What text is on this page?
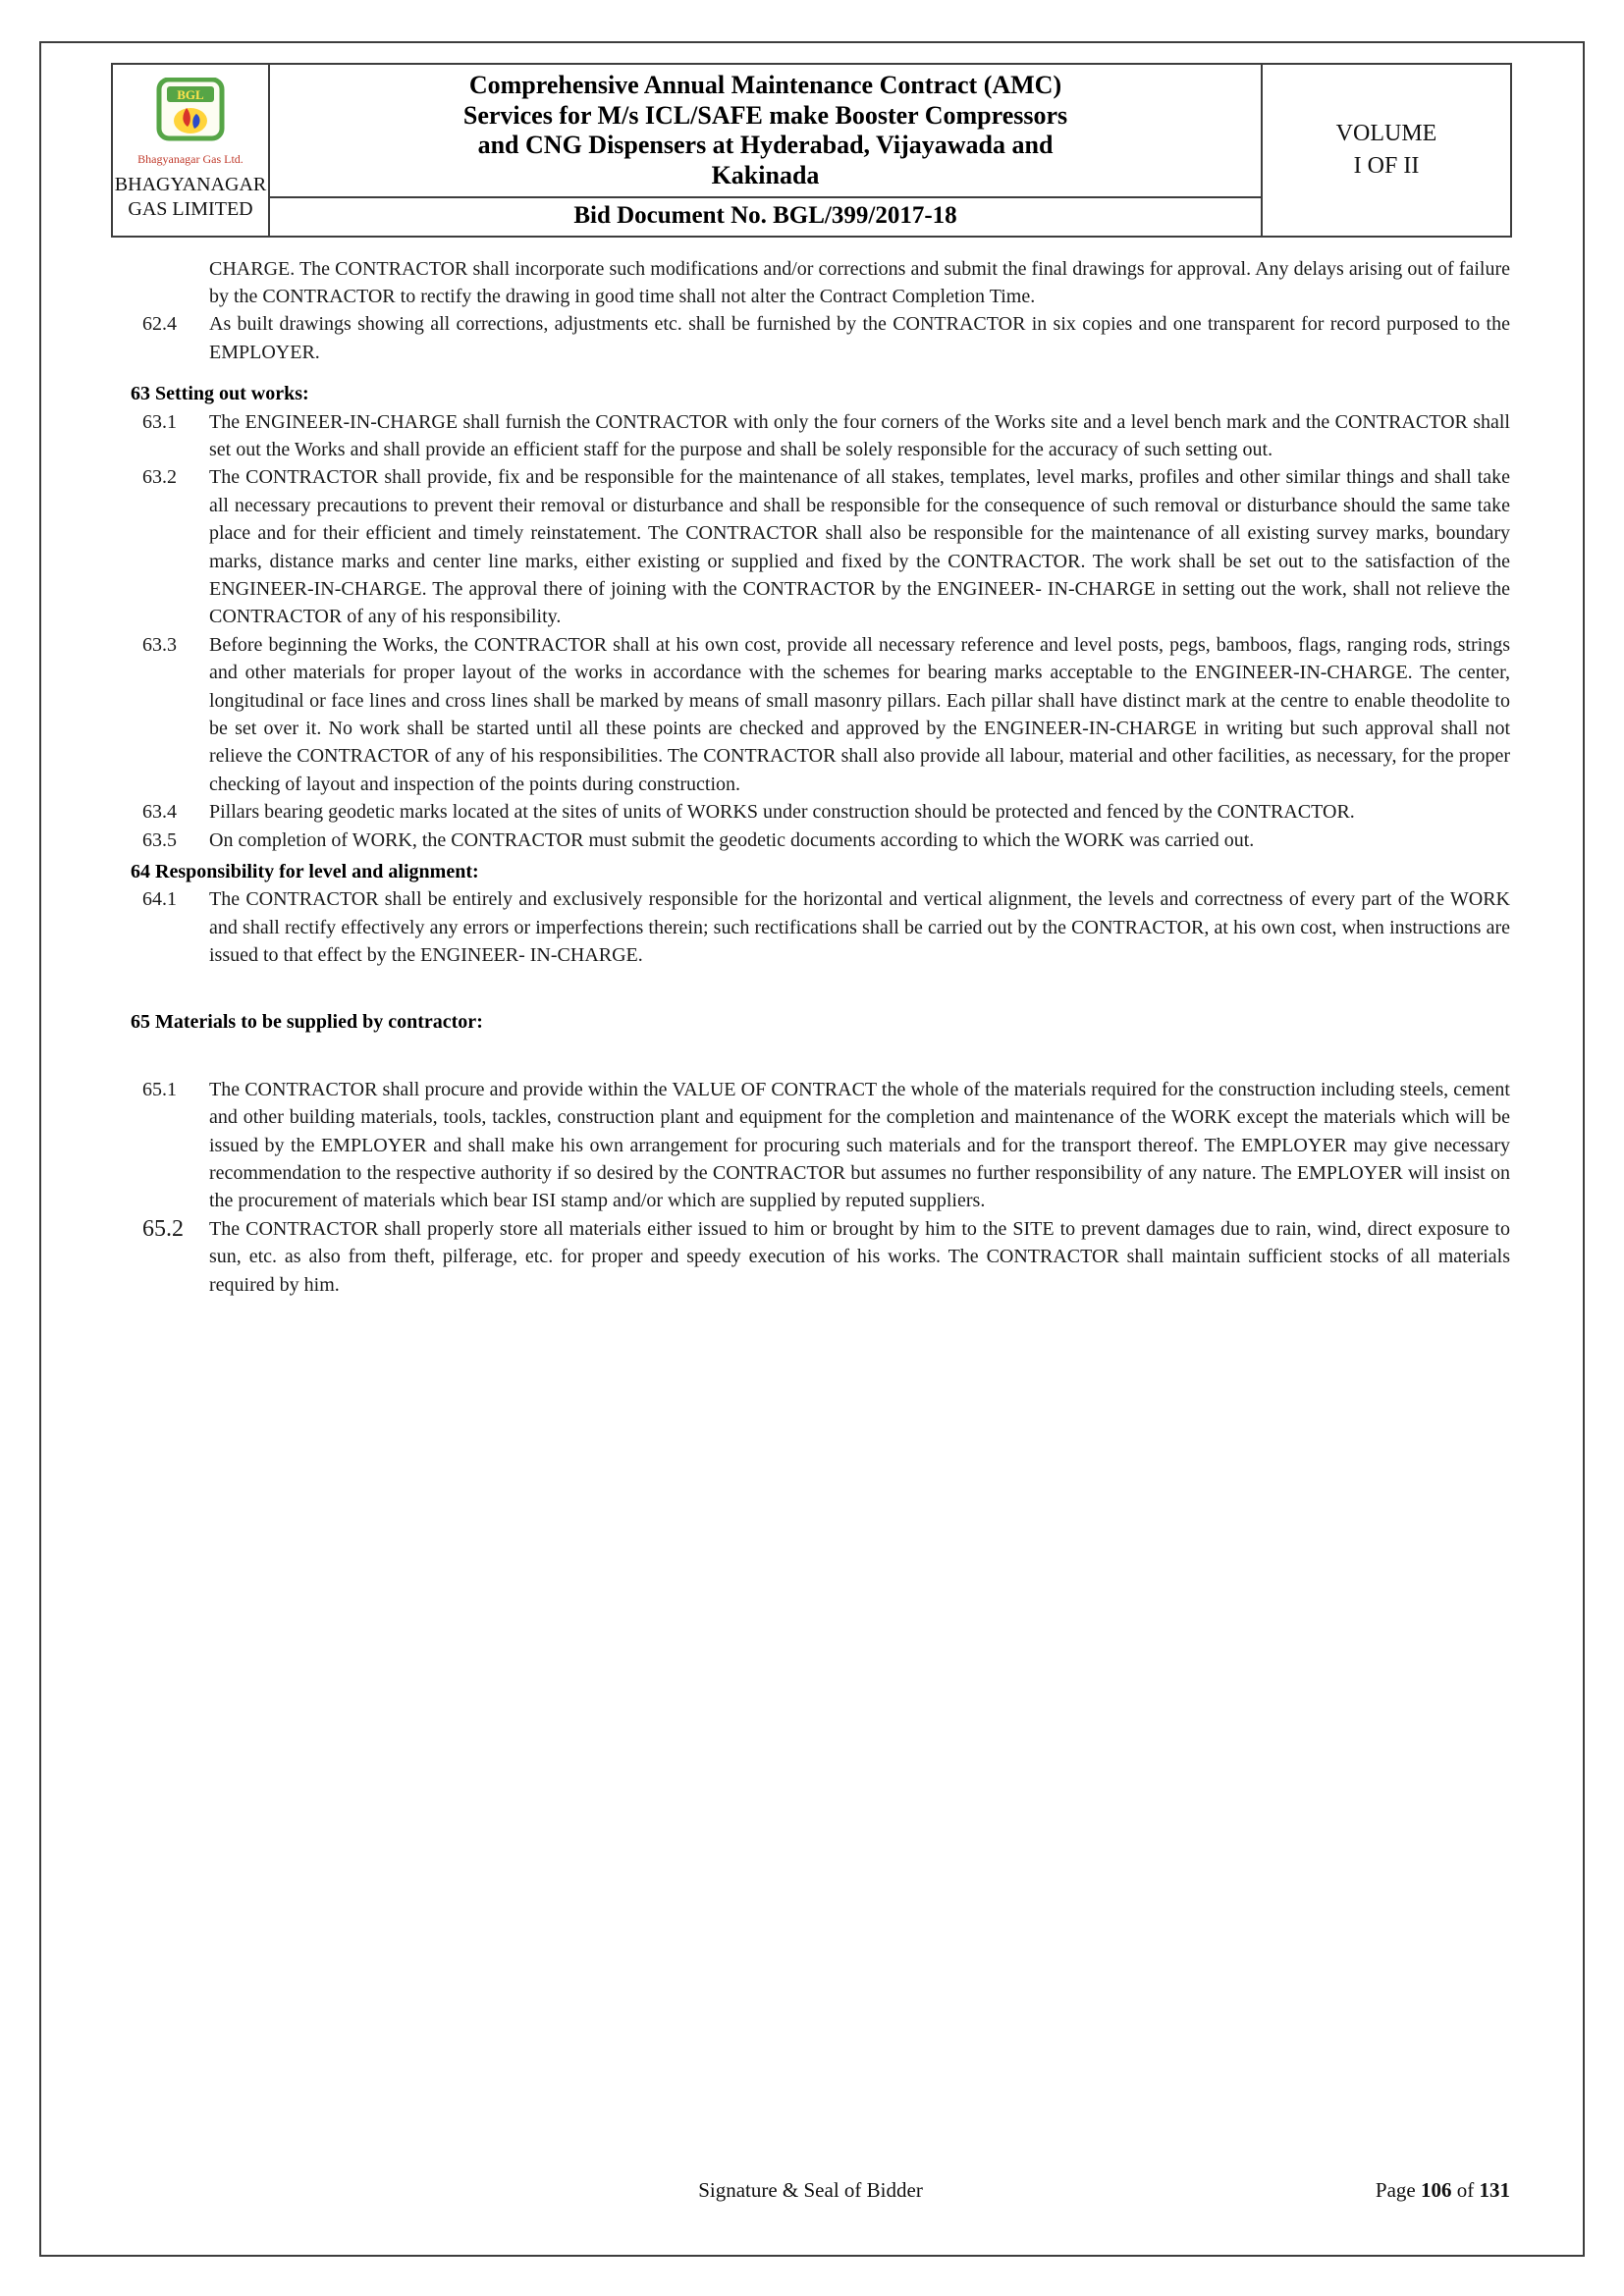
BGL
Bhagyanagar Gas Ltd.
BHAGYANAGAR
GAS LIMITED
Comprehensive Annual Maintenance Contract (AMC)
Services for M/s ICL/SAFE make Booster Compressors
and CNG Dispensers at Hyderabad, Vijayawada and
Kakinada
Bid Document No. BGL/399/2017-18
VOLUME
I OF II
CHARGE. The CONTRACTOR shall incorporate such modifications and/or corrections and submit the final drawings for approval. Any delays arising out of failure by the CONTRACTOR to rectify the drawing in good time shall not alter the Contract Completion Time.
62.4	As built drawings showing all corrections, adjustments etc. shall be furnished by the CONTRACTOR in six copies and one transparent for record purposed to the EMPLOYER.
63 Setting out works:
63.1	The ENGINEER-IN-CHARGE shall furnish the CONTRACTOR with only the four corners of the Works site and a level bench mark and the CONTRACTOR shall set out the Works and shall provide an efficient staff for the purpose and shall be solely responsible for the accuracy of such setting out.
63.2	The CONTRACTOR shall provide, fix and be responsible for the maintenance of all stakes, templates, level marks, profiles and other similar things and shall take all necessary precautions to prevent their removal or disturbance and shall be responsible for the consequence of such removal or disturbance should the same take place and for their efficient and timely reinstatement. The CONTRACTOR shall also be responsible for the maintenance of all existing survey marks, boundary marks, distance marks and center line marks, either existing or supplied and fixed by the CONTRACTOR. The work shall be set out to the satisfaction of the ENGINEER-IN-CHARGE. The approval there of joining with the CONTRACTOR by the ENGINEER- IN-CHARGE in setting out the work, shall not relieve the CONTRACTOR of any of his responsibility.
63.3	Before beginning the Works, the CONTRACTOR shall at his own cost, provide all necessary reference and level posts, pegs, bamboos, flags, ranging rods, strings and other materials for proper layout of the works in accordance with the schemes for bearing marks acceptable to the ENGINEER-IN-CHARGE. The center, longitudinal or face lines and cross lines shall be marked by means of small masonry pillars. Each pillar shall have distinct mark at the centre to enable theodolite to be set over it. No work shall be started until all these points are checked and approved by the ENGINEER-IN-CHARGE in writing but such approval shall not relieve the CONTRACTOR of any of his responsibilities. The CONTRACTOR shall also provide all labour, material and other facilities, as necessary, for the proper checking of layout and inspection of the points during construction.
63.4	Pillars bearing geodetic marks located at the sites of units of WORKS under construction should be protected and fenced by the CONTRACTOR.
63.5	On completion of WORK, the CONTRACTOR must submit the geodetic documents according to which the WORK was carried out.
64 Responsibility for level and alignment:
64.1	The CONTRACTOR shall be entirely and exclusively responsible for the horizontal and vertical alignment, the levels and correctness of every part of the WORK and shall rectify effectively any errors or imperfections therein; such rectifications shall be carried out by the CONTRACTOR, at his own cost, when instructions are issued to that effect by the ENGINEER- IN-CHARGE.
65 Materials to be supplied by contractor:
65.1	The CONTRACTOR shall procure and provide within the VALUE OF CONTRACT the whole of the materials required for the construction including steels, cement and other building materials, tools, tackles, construction plant and equipment for the completion and maintenance of the WORK except the materials which will be issued by the EMPLOYER and shall make his own arrangement for procuring such materials and for the transport thereof. The EMPLOYER may give necessary recommendation to the respective authority if so desired by the CONTRACTOR but assumes no further responsibility of any nature. The EMPLOYER will insist on the procurement of materials which bear ISI stamp and/or which are supplied by reputed suppliers.
65.2	The CONTRACTOR shall properly store all materials either issued to him or brought by him to the SITE to prevent damages due to rain, wind, direct exposure to sun, etc. as also from theft, pilferage, etc. for proper and speedy execution of his works. The CONTRACTOR shall maintain sufficient stocks of all materials required by him.
Signature & Seal of Bidder	Page 106 of 131
